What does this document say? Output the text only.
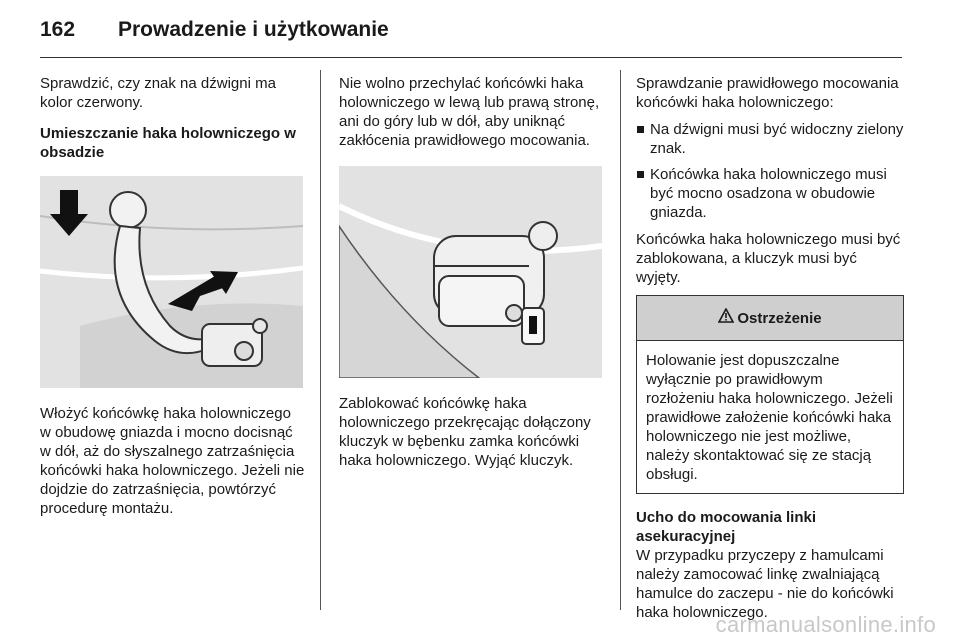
162 Prowadzenie i użytkowanie

Sprawdzić, czy znak na dźwigni ma kolor czerwony.

Umieszczanie haka holowniczego w obsadzie

Włożyć końcówkę haka holowniczego w obudowę gniazda i mocno docisnąć w dół, aż do słyszalnego zatrzaśnięcia końcówki haka holowniczego. Jeżeli nie dojdzie do zatrzaśnięcia, powtórzyć procedurę montażu.

Nie wolno przechylać końcówki haka holowniczego w lewą lub prawą stronę, ani do góry lub w dół, aby uniknąć zakłócenia prawidłowego mocowania.

Zablokować końcówkę haka holowniczego przekręcając dołączony kluczyk w bębenku zamka końcówki haka holowniczego. Wyjąć kluczyk.

Sprawdzanie prawidłowego mocowania końcówki haka holowniczego:

Na dźwigni musi być widoczny zielony znak.
Końcówka haka holowniczego musi być mocno osadzona w obudowie gniazda.

Końcówka haka holowniczego musi być zablokowana, a kluczyk musi być wyjęty.

Ostrzeżenie
Holowanie jest dopuszczalne wyłącznie po prawidłowym rozłożeniu haka holowniczego. Jeżeli prawidłowe założenie końcówki haka holowniczego nie jest możliwe, należy skontaktować się ze stacją obsługi.

Ucho do mocowania linki asekuracyjnej

W przypadku przyczepy z hamulcami należy zamocować linkę zwalniającą hamulce do zaczepu - nie do końcówki haka holowniczego.

carmanualsonline.info
